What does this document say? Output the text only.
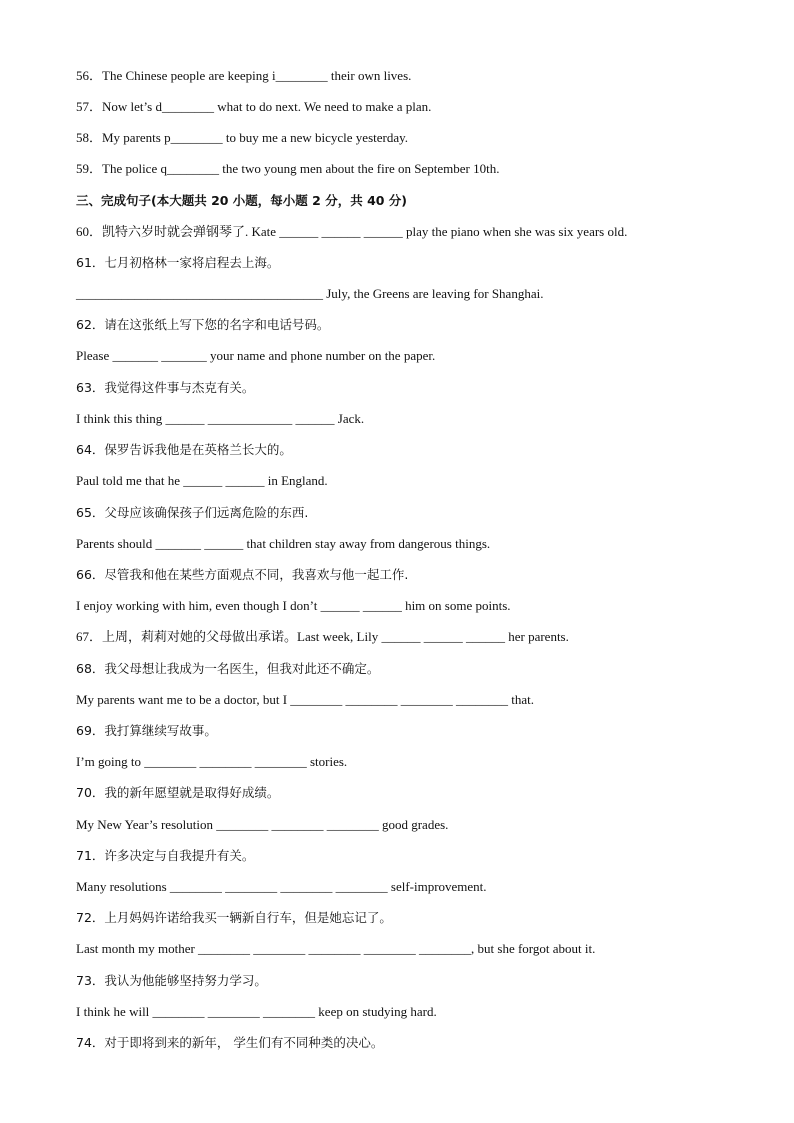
56．The Chinese people are keeping i________ their own lives.
57．Now let’s d________ what to do next. We need to make a plan.
58．My parents p________ to buy me a new bicycle yesterday.
59．The police q________ the two young men about the fire on September 10th.
三、完成句子(本大题共 20 小题，每小题 2 分，共 40 分)
60．凯特六岁时就会弹钢琴了. Kate ______ ______ ______ play the piano when she was six years old.
61．七月初格林一家将启程去上海。
______________________________________ July, the Greens are leaving for Shanghai.
62．请在这张纸上写下您的名字和电话号码。
Please _______ _______ your name and phone number on the paper.
63．我觉得这件事与杰克有关。
I think this thing ______ _____________ ______ Jack.
64．保罗告诉我他是在英格兰长大的。
Paul told me that he ______ ______ in England.
65．父母应该确保孩子们远离危险的东西.
Parents should _______ ______ that children stay away from dangerous things.
66．尽管我和他在某些方面观点不同，我喜欢与他一起工作.
I enjoy working with him, even though I don’t ______ ______ him on some points.
67．上周，莉莉对她的父母做出承诺。Last week, Lily ______ ______ ______ her parents.
68．我父母想让我成为一名医生，但我对此还不确定。
My parents want me to be a doctor, but I ________ ________ ________ ________ that.
69．我打算继续写故事。
I’m going to ________ ________ ________ stories.
70．我的新年愿望就是取得好成绩。
My New Year’s resolution ________ ________ ________ good grades.
71．许多决定与自我提升有关。
Many resolutions ________ ________ ________ ________ self-improvement.
72．上月妈妈许诺给我买一辆新自行车，但是她忘记了。
Last month my mother ________ ________ ________ ________ ________, but she forgot about it.
73．我认为他能够坚持努力学习。
I think he will ________ ________ ________ keep on studying hard.
74．对于即将到来的新年， 学生们有不同种类的决心。
